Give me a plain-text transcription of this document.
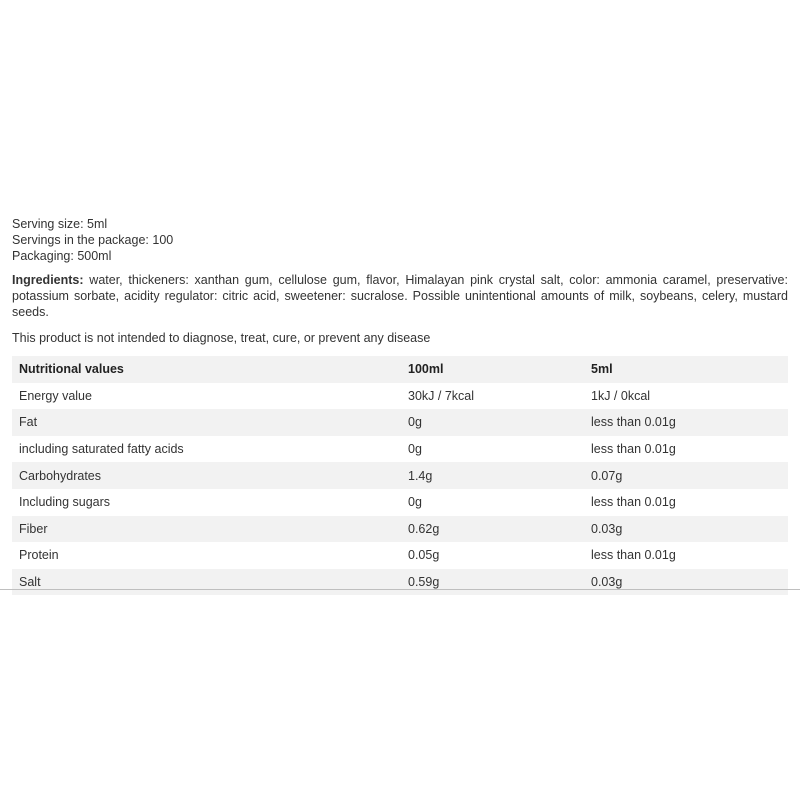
Serving size: 5ml
Servings in the package: 100
Packaging: 500ml
Ingredients: water, thickeners: xanthan gum, cellulose gum, flavor, Himalayan pink crystal salt, color: ammonia caramel, preservative: potassium sorbate, acidity regulator: citric acid, sweetener: sucralose. Possible unintentional amounts of milk, soybeans, celery, mustard seeds.
This product is not intended to diagnose, treat, cure, or prevent any disease
Nutritional values	100ml	5ml
Energy value	30kJ / 7kcal	1kJ / 0kcal
Fat	0g	less than 0.01g
including saturated fatty acids	0g	less than 0.01g
Carbohydrates	1.4g	0.07g
Including sugars	0g	less than 0.01g
Fiber	0.62g	0.03g
Protein	0.05g	less than 0.01g
Salt	0.59g	0.03g
